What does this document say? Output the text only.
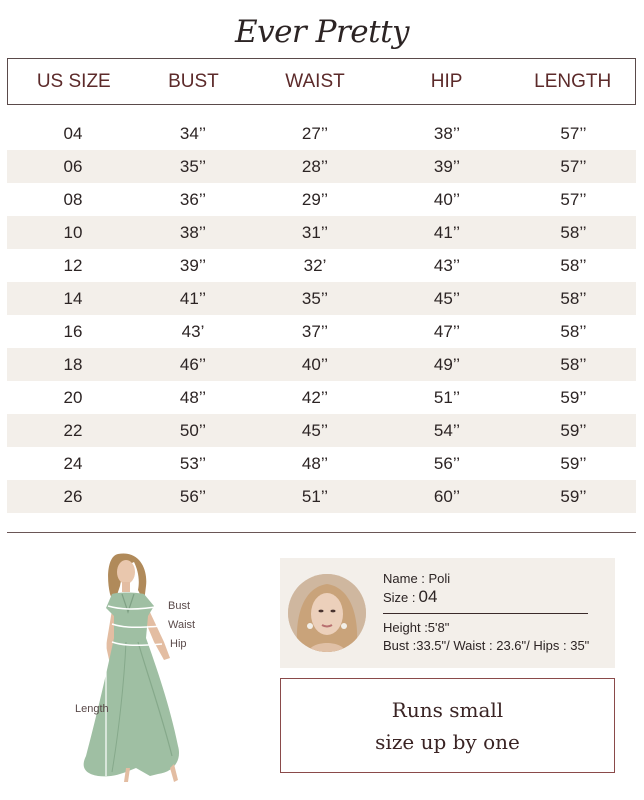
Ever Pretty
US SIZE	BUST	WAIST	HIP	LENGTH
04	34’’	27’’	38’’	57’’
06	35’’	28’’	39’’	57’’
08	36’’	29’’	40’’	57’’
10	38’’	31’’	41’’	58’’
12	39’’	32’	43’’	58’’
14	41’’	35’’	45’’	58’’
16	43’	37’’	47’’	58’’
18	46’’	40’’	49’’	58’’
20	48’’	42’’	51’’	59’’
22	50’’	45’’	54’’	59’’
24	53’’	48’’	56’’	59’’
26	56’’	51’’	60’’	59’’
Bust
Waist
Hip
Length
Name : Poli
Size : 04
Height :5'8"
Bust :33.5"/ Waist : 23.6"/ Hips : 35"
Runs small
size up by one
